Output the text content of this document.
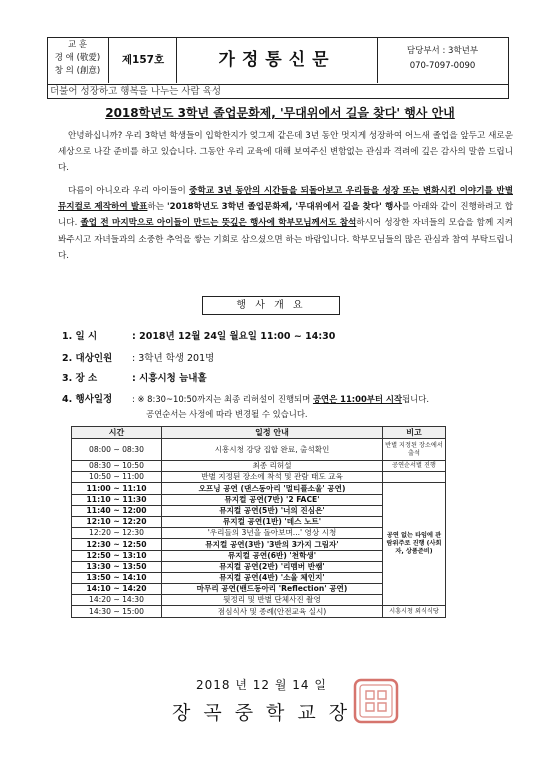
교 훈
경 애 (敬愛)
창 의 (創意)
제157호	가정통신문	담당부서 : 3학년부
070-7097-0090
더불어 성장하고 행복을 나누는 사람 육성
2018학년도 3학년 졸업문화제, '무대위에서 길을 찾다' 행사 안내
안녕하십니까? 우리 3학년 학생들이 입학한지가 엊그제 같은데 3년 동안 멋지게 성장하여 어느새 졸업을 앞두고 새로운 세상으로 나갈 준비를 하고 있습니다. 그동안 우리 교육에 대해 보여주신 변함없는 관심과 격려에 깊은 감사의 말씀 드립니다.
다름이 아니오라 우리 아이들이 중학교 3년 동안의 시간들을 되돌아보고 우리들을 성장 또는 변화시킨 이야기를 반별 뮤지컬로 제작하여 발표하는 '2018학년도 3학년 졸업문화제, '무대위에서 길을 찾다' 행사를 아래와 같이 진행하려고 합니다. 졸업 전 마지막으로 아이들이 만드는 뜻깊은 행사에 학부모님께서도 참석하시어 성장한 자녀들의 모습을 함께 지켜봐주시고 자녀들과의 소중한 추억을 쌓는 기회로 삼으셨으면 하는 바람입니다. 학부모님들의 많은 관심과 참여 부탁드립니다.
행 사 개 요
1. 일 시	: 2018년 12월 24일 월요일 11:00 ~ 14:30
2. 대상인원 : 3학년 학생 201명
3. 장 소	: 시흥시청 늠내홀
4. 행사일정 : ※ 8:30~10:50까지는 최종 리허설이 진행되며 공연은 11:00부터 시작됩니다.
공연순서는 사정에 따라 변경될 수 있습니다.
시간	일정 안내	비고
08:00 ~ 08:30	시흥시청 강당 집합 완료, 출석확인	반별 지정된 장소에서 출석
08:30 ~ 10:50	최종 리허설	공연순서별 진행
10:50 ~ 11:00	반별 지정된 장소에 착석 및 관람 태도 교육	
11:00 ~ 11:10	오프닝 공연 (댄스동아리 '멀티플소울' 공연)	공연 없는 타임에 관람위주로 진행 (사회자, 상품준비)
11:10 ~ 11:30	뮤지컬 공연(7반) '2 FACE'	
11:40 ~ 12:00	뮤지컬 공연(5반) '너의 진심은'	
12:10 ~ 12:20	뮤지컬 공연(1반) '데스 노트'	
12:20 ~ 12:30	'우리들의 3년을 돌아보며...' 영상 시청	
12:30 ~ 12:50	뮤지컬 공연(3반) '3반의 3가지 그림자'	
12:50 ~ 13:10	뮤지컬 공연(6반) '천학생'	
13:30 ~ 13:50	뮤지컬 공연(2반) '리멤버 반쌤'	
13:50 ~ 14:10	뮤지컬 공연(4반) '소울 체인지'	
14:10 ~ 14:20	마무리 공연(밴드동아리 'Reflection' 공연)	
14:20 ~ 14:30	뒷정리 및 반별 단체사진 촬영	
14:30 ~ 15:00	점심식사 및 종례(안전교육 실시)	시흥시청 외식식당
2018 년 12 월 14 일
장곡중학교장
